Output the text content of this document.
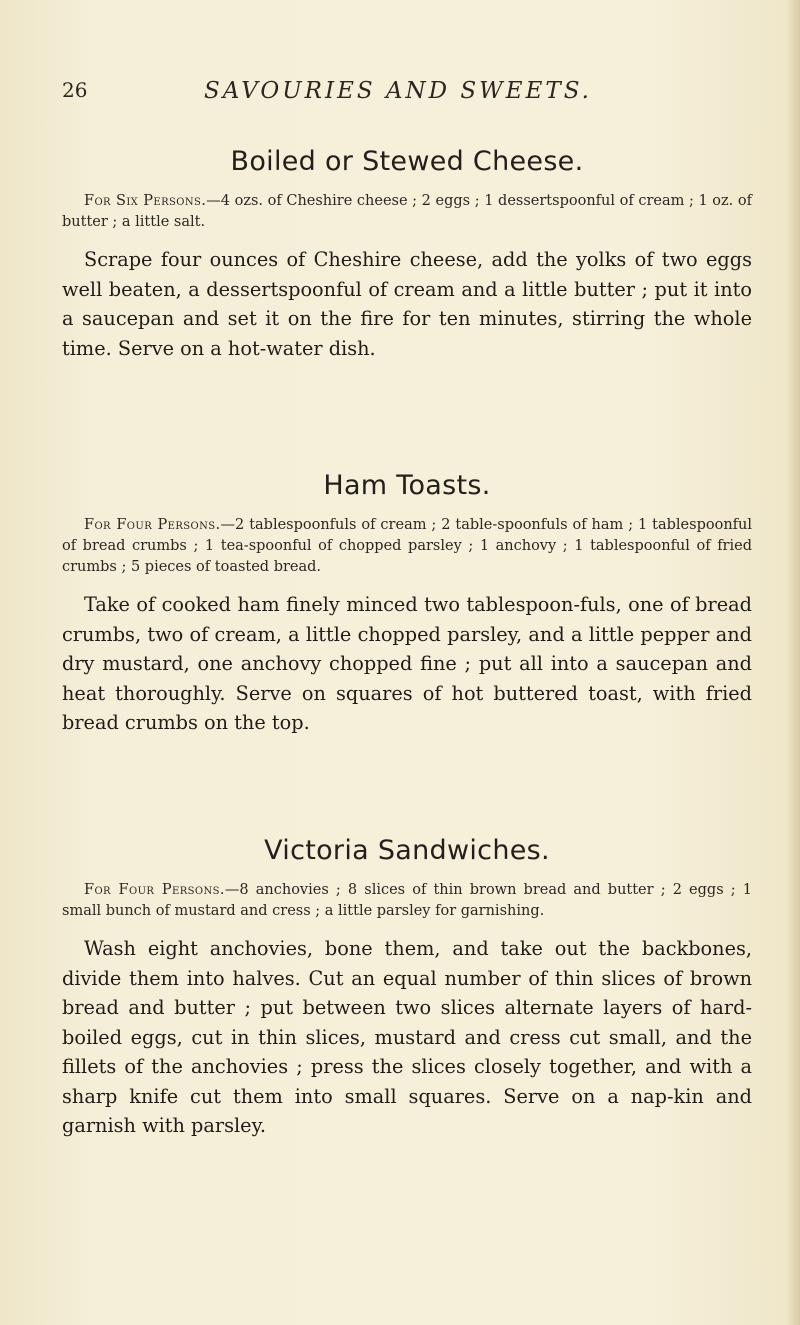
26	SAVOURIES AND SWEETS.
Boiled or Stewed Cheese.

For Six Persons.—4 ozs. of Cheshire cheese ; 2 eggs ; 1 dessertspoonful of cream ; 1 oz. of butter ; a little salt.

Scrape four ounces of Cheshire cheese, add the yolks of two eggs well beaten, a dessertspoonful of cream and a little butter ; put it into a saucepan and set it on the fire for ten minutes, stirring the whole time. Serve on a hot-water dish.

Ham Toasts.

For Four Persons.—2 tablespoonfuls of cream ; 2 table-spoonfuls of ham ; 1 tablespoonful of bread crumbs ; 1 tea-spoonful of chopped parsley ; 1 anchovy ; 1 tablespoonful of fried crumbs ; 5 pieces of toasted bread.

Take of cooked ham finely minced two tablespoon-fuls, one of bread crumbs, two of cream, a little chopped parsley, and a little pepper and dry mustard, one anchovy chopped fine ; put all into a saucepan and heat thoroughly. Serve on squares of hot buttered toast, with fried bread crumbs on the top.

Victoria Sandwiches.

For Four Persons.—8 anchovies ; 8 slices of thin brown bread and butter ; 2 eggs ; 1 small bunch of mustard and cress ; a little parsley for garnishing.

Wash eight anchovies, bone them, and take out the backbones, divide them into halves. Cut an equal number of thin slices of brown bread and butter ; put between two slices alternate layers of hard-boiled eggs, cut in thin slices, mustard and cress cut small, and the fillets of the anchovies ; press the slices closely together, and with a sharp knife cut them into small squares. Serve on a nap-kin and garnish with parsley.
